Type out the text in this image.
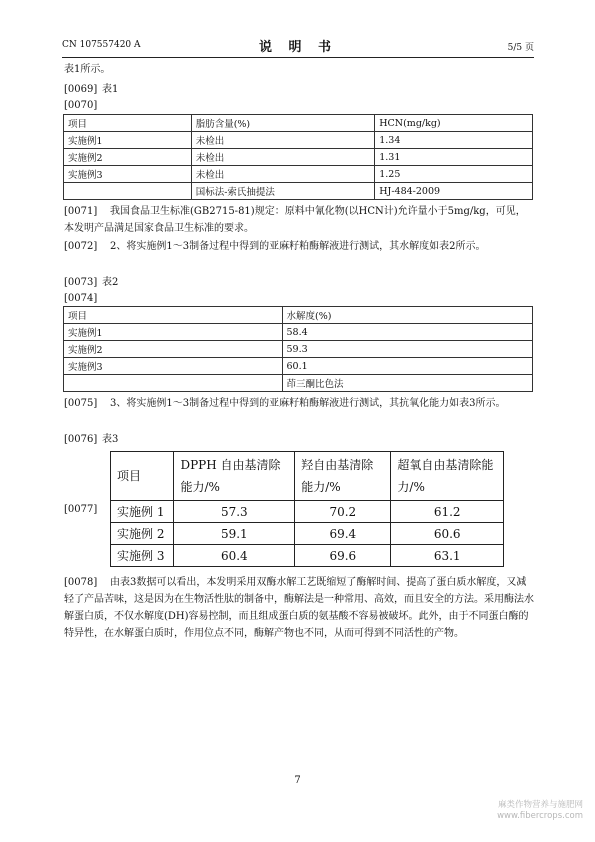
CN 107557420 A	说 明 书	5/5 页
表1所示。
[0069] 表1
[0070]
项目	脂肪含量(%)	HCN(mg/kg)
实施例1	未检出	1.34
实施例2	未检出	1.31
实施例3	未检出	1.25
	国标法-索氏抽提法	HJ-484-2009
[0071] 我国食品卫生标准(GB2715-81)规定：原料中氰化物(以HCN计)允许量小于5mg/kg，可见，本发明产品满足国家食品卫生标准的要求。
[0072] 2、将实施例1～3制备过程中得到的亚麻籽粕酶解液进行测试，其水解度如表2所示。
[0073] 表2
[0074]
项目	水解度(%)
实施例1	58.4
实施例2	59.3
实施例3	60.1
	茚三酮比色法
[0075] 3、将实施例1～3制备过程中得到的亚麻籽粕酶解液进行测试，其抗氧化能力如表3所示。
[0076] 表3
[0077]
项目	DPPH 自由基清除能力/%	羟自由基清除能力/%	超氧自由基清除能力/%
实施例 1	57.3	70.2	61.2
实施例 2	59.1	69.4	60.6
实施例 3	60.4	69.6	63.1
[0078] 由表3数据可以看出，本发明采用双酶水解工艺既缩短了酶解时间、提高了蛋白质水解度，又减轻了产品苦味，这是因为在生物活性肽的制备中，酶解法是一种常用、高效，而且安全的方法。采用酶法水解蛋白质，不仅水解度(DH)容易控制，而且组成蛋白质的氨基酸不容易被破坏。此外，由于不同蛋白酶的特异性，在水解蛋白质时，作用位点不同，酶解产物也不同，从而可得到不同活性的产物。
7
麻类作物营养与施肥网
www.fibercrops.com
